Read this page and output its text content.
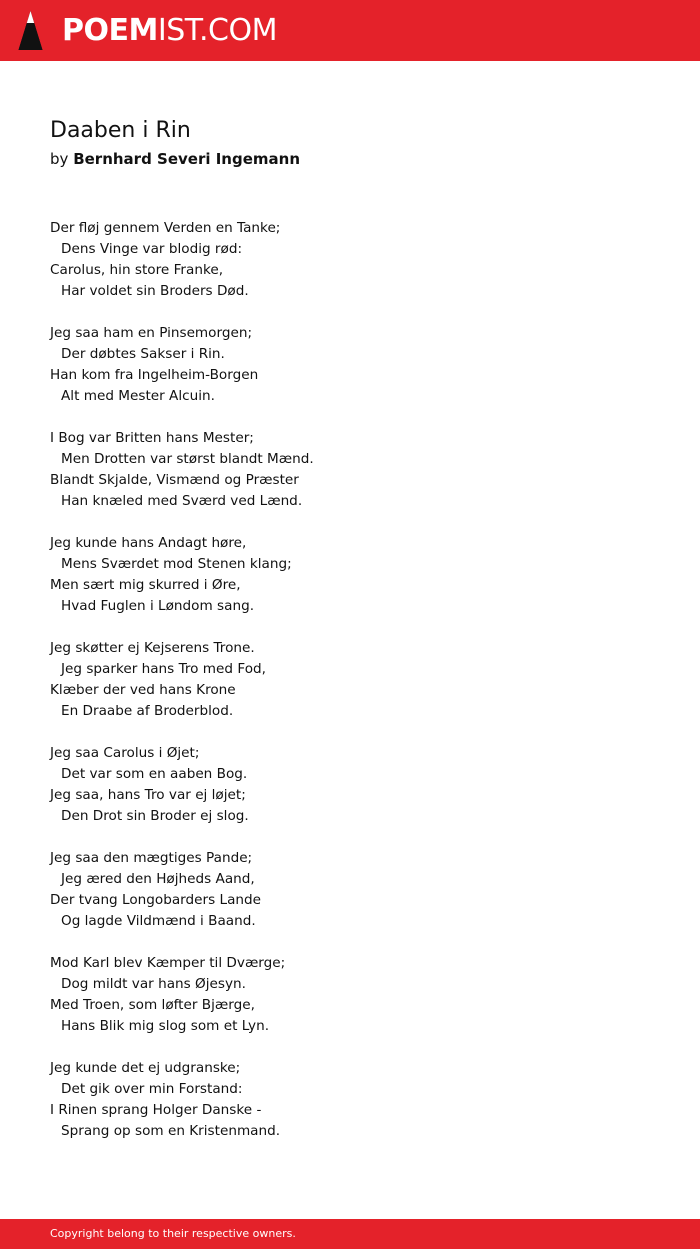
POEMIST.COM
Daaben i Rin
by Bernhard Severi Ingemann
Der fløj gennem Verden en Tanke;
Dens Vinge var blodig rød:
Carolus, hin store Franke,
Har voldet sin Broders Død.
Jeg saa ham en Pinsemorgen;
Der døbtes Sakser i Rin.
Han kom fra Ingelheim-Borgen
Alt med Mester Alcuin.
I Bog var Britten hans Mester;
Men Drotten var størst blandt Mænd.
Blandt Skjalde, Vismænd og Præster
Han knæled med Sværd ved Lænd.
Jeg kunde hans Andagt høre,
Mens Sværdet mod Stenen klang;
Men sært mig skurred i Øre,
Hvad Fuglen i Løndom sang.
Jeg skøtter ej Kejserens Trone.
Jeg sparker hans Tro med Fod,
Klæber der ved hans Krone
En Draabe af Broderblod.
Jeg saa Carolus i Øjet;
Det var som en aaben Bog.
Jeg saa, hans Tro var ej løjet;
Den Drot sin Broder ej slog.
Jeg saa den mægtiges Pande;
Jeg æred den Højheds Aand,
Der tvang Longobarders Lande
Og lagde Vildmænd i Baand.
Mod Karl blev Kæmper til Dværge;
Dog mildt var hans Øjesyn.
Med Troen, som løfter Bjærge,
Hans Blik mig slog som et Lyn.
Jeg kunde det ej udgranske;
Det gik over min Forstand:
I Rinen sprang Holger Danske -
Sprang op som en Kristenmand.
Copyright belong to their respective owners.
